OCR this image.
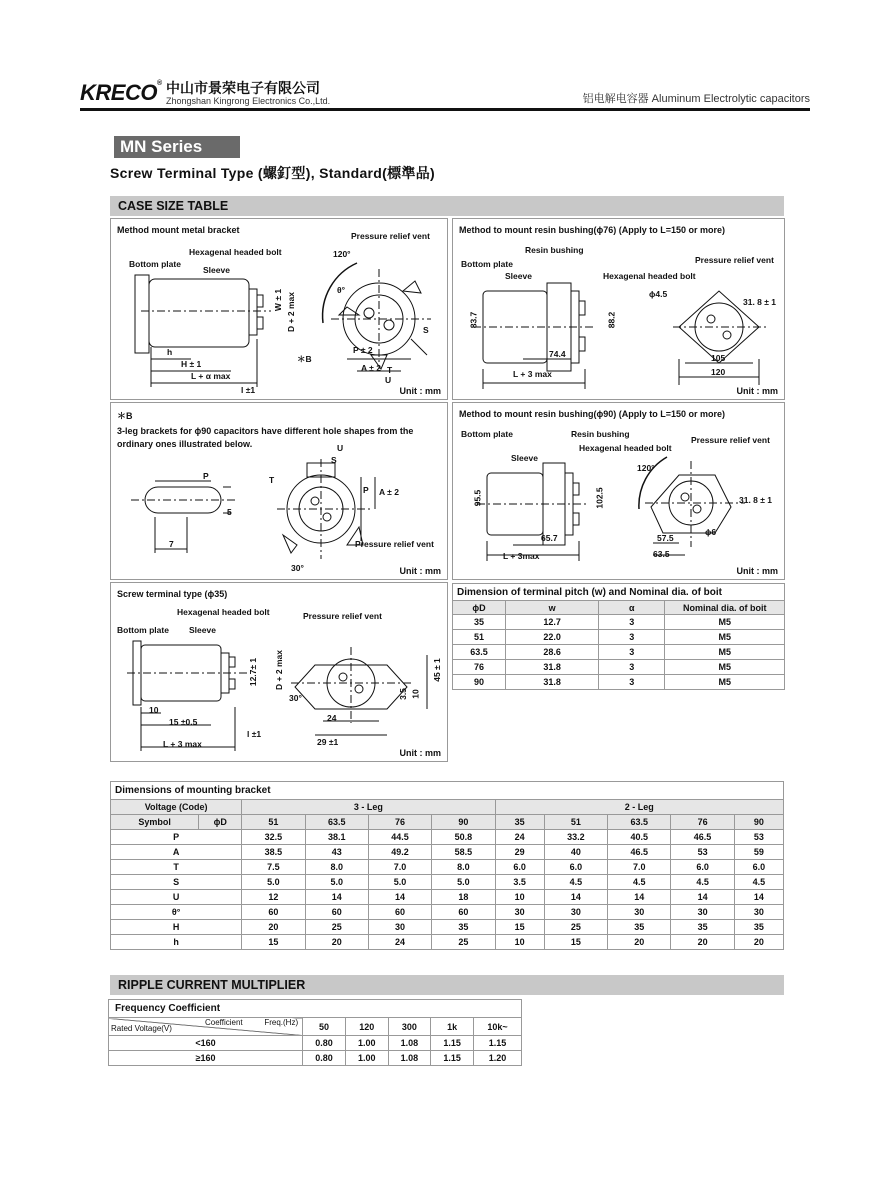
KRECO® 中山市景荣电子有限公司
Zhongshan Kingrong Electronics Co.,Ltd.	铝电解电容器 Aluminum Electrolytic capacitors
MN Series
Screw Terminal Type (螺釘型), Standard(標準品)
CASE SIZE TABLE
Method mount metal bracket
Pressure relief vent
Hexagenal headed bolt
Bottom plate
Sleeve
120°
θ°
W ± 1 D + 2 max
P ± 2
A ± 2
S
T
U
h
H ± 1
L + α max
l ±1
＊B
Unit : mm
Method to mount resin bushing(ϕ76) (Apply to L=150 or more)
Resin bushing
Bottom plate	Pressure relief vent
Sleeve	Hexagenal headed bolt
ϕ4.5
31. 8 ± 1
83.7	88.2
74.4
L + 3 max
105
120
Unit : mm
＊B
3-leg brackets for ϕ90 capacitors have different hole shapes from the ordinary ones illustrated below.
P
5
7
U
S
T
P A ± 2
Pressure relief vent
30°	Unit : mm
Method to mount resin bushing(ϕ90) (Apply to L=150 or more)
Bottom plate	Resin bushing
Hexagenal headed bolt
Pressure relief vent
Sleeve
120°
95.5	102.5
65.7
L + 3max
31. 8 ± 1
57.5
63.5
ϕ6
Unit : mm
Screw terminal type (ϕ35)
Hexagenal headed bolt	Pressure relief vent
Bottom plate Sleeve
12.7± 1 D + 2 max
30°	3.5 10
45 ± 1
10
15 ±0.5
l ±1
L + 3 max
24
29 ±1
Unit : mm
Dimension of terminal pitch (w) and Nominal dia. of boit
ϕD	w	α	Nominal dia. of boit
35	12.7	3	M5
51	22.0	3	M5
63.5	28.6	3	M5
76	31.8	3	M5
90	31.8	3	M5
Dimensions of mounting bracket
Voltage (Code)		3 - Leg				2 - Leg				
Symbol	ϕD	51	63.5	76	90	35	51	63.5	76	90
P		32.5	38.1	44.5	50.8	24	33.2	40.5	46.5	53
A		38.5	43	49.2	58.5	29	40	46.5	53	59
T		7.5	8.0	7.0	8.0	6.0	6.0	7.0	6.0	6.0
S		5.0	5.0	5.0	5.0	3.5	4.5	4.5	4.5	4.5
U		12	14	14	18	10	14	14	14	14
θ°		60	60	60	60	30	30	30	30	30
H		20	25	30	35	15	25	35	35	35
h		15	20	24	25	10	15	20	20	20
RIPPLE CURRENT MULTIPLIER
Frequency Coefficient
Freq.(Hz)
Coefficient
Rated Voltage(V)	50	120	300	1k	10k~
<160	0.80	1.00	1.08	1.15	1.15
≥160	0.80	1.00	1.08	1.15	1.20
